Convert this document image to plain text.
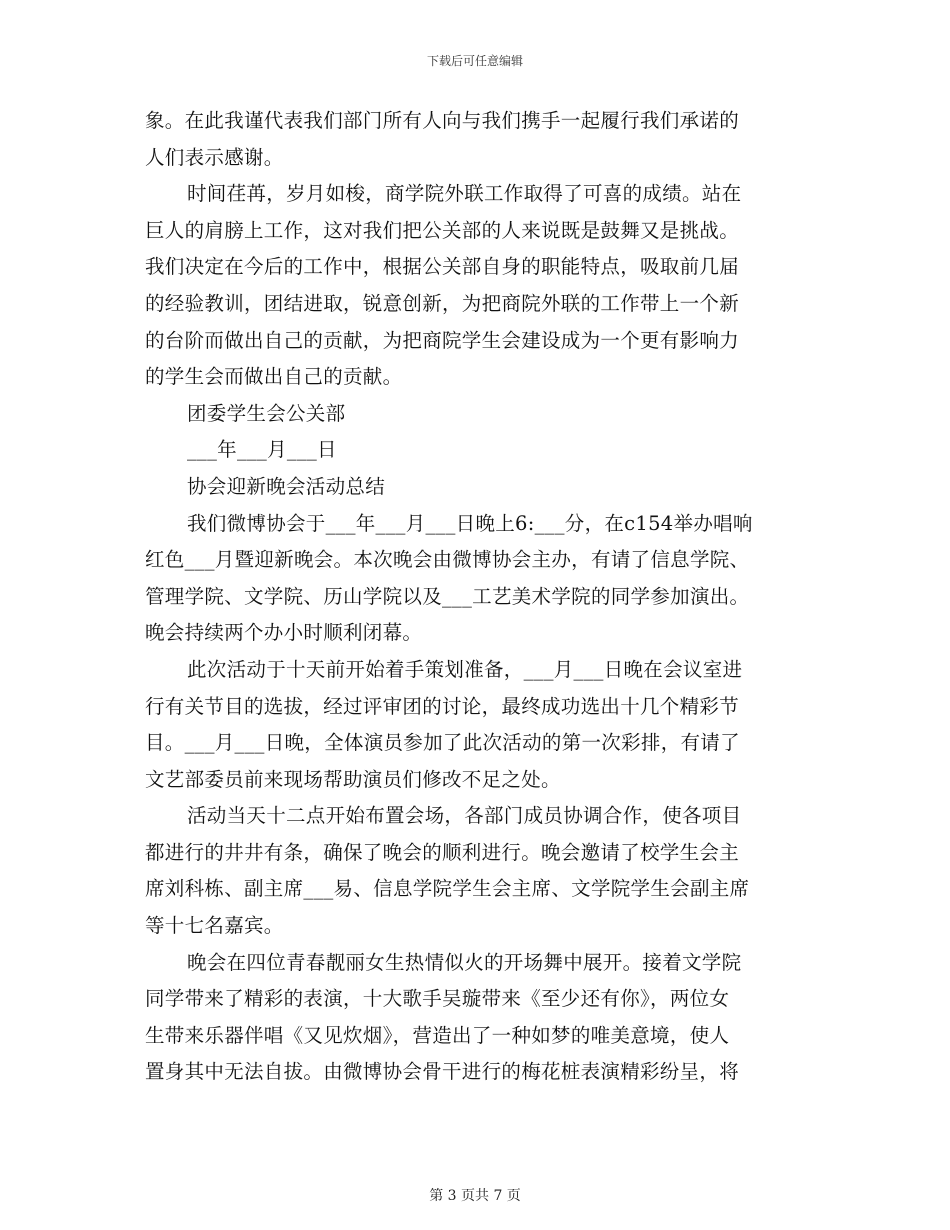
下载后可任意编辑
象。在此我谨代表我们部门所有人向与我们携手一起履行我们承诺的
人们表示感谢。
时间荏苒，岁月如梭，商学院外联工作取得了可喜的成绩。站在
巨人的肩膀上工作，这对我们把公关部的人来说既是鼓舞又是挑战。
我们决定在今后的工作中，根据公关部自身的职能特点，吸取前几届
的经验教训，团结进取，锐意创新，为把商院外联的工作带上一个新
的台阶而做出自己的贡献，为把商院学生会建设成为一个更有影响力
的学生会而做出自己的贡献。
团委学生会公关部
___年___月___日
协会迎新晚会活动总结
我们微博协会于___年___月___日晚上6:___分，在c154举办唱响
红色___月暨迎新晚会。本次晚会由微博协会主办，有请了信息学院、
管理学院、文学院、历山学院以及___工艺美术学院的同学参加演出。
晚会持续两个办小时顺利闭幕。
此次活动于十天前开始着手策划准备，___月___日晚在会议室进
行有关节目的选拔，经过评审团的讨论，最终成功选出十几个精彩节
目。___月___日晚，全体演员参加了此次活动的第一次彩排，有请了
文艺部委员前来现场帮助演员们修改不足之处。
活动当天十二点开始布置会场，各部门成员协调合作，使各项目
都进行的井井有条，确保了晚会的顺利进行。晚会邀请了校学生会主
席刘科栋、副主席___易、信息学院学生会主席、文学院学生会副主席
等十七名嘉宾。
晚会在四位青春靓丽女生热情似火的开场舞中展开。接着文学院
同学带来了精彩的表演，十大歌手吴璇带来《至少还有你》，两位女
生带来乐器伴唱《又见炊烟》，营造出了一种如梦的唯美意境，使人
置身其中无法自拔。由微博协会骨干进行的梅花桩表演精彩纷呈，将
第 3 页共 7 页
